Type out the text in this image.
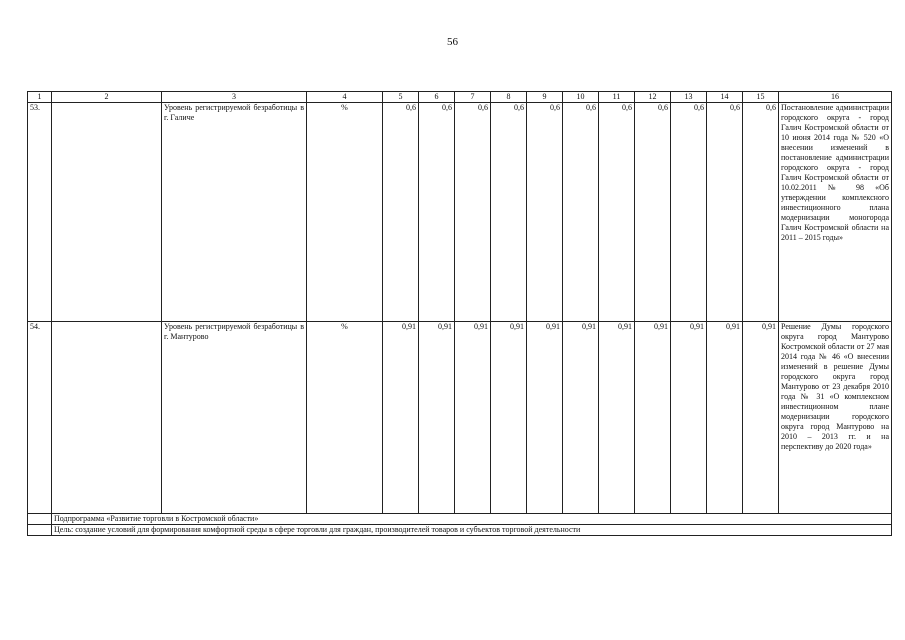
56
1	2	3	4	5	6	7	8	9	10	11	12	13	14	15	16
53.		Уровень регистрируемой безработицы в г. Галиче	%	0,6	0,6	0,6	0,6	0,6	0,6	0,6	0,6	0,6	0,6	0,6	Постановление администрации городского округа - город Галич Костромской области от 10 июня 2014 года № 520 «О внесении изменений в постановление администрации городского округа - город Галич Костромской области от 10.02.2011 № 98 «Об утверждении комплексного инвестиционного плана модернизации моногорода Галич Костромской области на 2011 – 2015 годы»
54.		Уровень регистрируемой безработицы в г. Мантурово	%	0,91	0,91	0,91	0,91	0,91	0,91	0,91	0,91	0,91	0,91	0,91	Решение Думы городского округа город Мантурово Костромской области от 27 мая 2014 года № 46 «О внесении изменений в решение Думы городского округа город Мантурово от 23 декабря 2010 года № 31 «О комплексном инвестиционном плане модернизации городского округа город Мантурово на 2010 – 2013 гг. и на перспективу до 2020 года»
	Подпрограмма «Развитие торговли в Костромской области»														
	Цель: создание условий для формирования комфортной среды в сфере торговли для граждан, производителей товаров и субъектов торговой деятельности														
